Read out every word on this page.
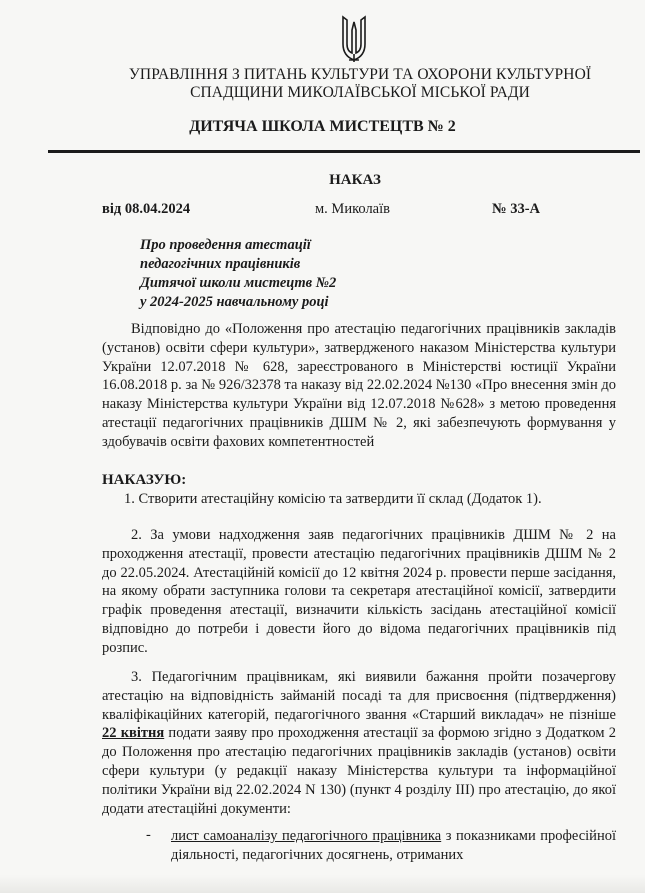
УПРАВЛІННЯ З ПИТАНЬ КУЛЬТУРИ ТА ОХОРОНИ КУЛЬТУРНОЇ
СПАДЩИНИ МИКОЛАЇВСЬКОЇ МІСЬКОЇ РАДИ
ДИТЯЧА ШКОЛА МИСТЕЦТВ № 2
НАКАЗ
від 08.04.2024	м. Миколаїв	№ 33-А
Про проведення атестації
педагогічних працівників
Дитячої школи мистецтв №2
у 2024-2025 навчальному році
Відповідно до «Положення про атестацію педагогічних працівників закладів (установ) освіти сфери культури», затвердженого наказом Міністерства культури України 12.07.2018 № 628, зареєстрованого в Міністерстві юстиції України 16.08.2018 р. за № 926/32378 та наказу від 22.02.2024 №130 «Про внесення змін до наказу Міністерства культури України від 12.07.2018 №628» з метою проведення атестації педагогічних працівників ДШМ № 2, які забезпечують формування у здобувачів освіти фахових компетентностей
НАКАЗУЮ:
1. Створити атестаційну комісію та затвердити її склад (Додаток 1).
2. За умови надходження заяв педагогічних працівників ДШМ № 2 на проходження атестації, провести атестацію педагогічних працівників ДШМ № 2 до 22.05.2024. Атестаційній комісії до 12 квітня 2024 р. провести перше засідання, на якому обрати заступника голови та секретаря атестаційної комісії, затвердити графік проведення атестації, визначити кількість засідань атестаційної комісії відповідно до потреби і довести його до відома педагогічних працівників під розпис.
3. Педагогічним працівникам, які виявили бажання пройти позачергову атестацію на відповідність займаній посаді та для присвоєння (підтвердження) кваліфікаційних категорій, педагогічного звання «Старший викладач» не пізніше 22 квітня подати заяву про проходження атестації за формою згідно з Додатком 2 до Положення про атестацію педагогічних працівників закладів (установ) освіти сфери культури (у редакції наказу Міністерства культури та інформаційної політики України від 22.02.2024 N 130) (пункт 4 розділу ІІІ) про атестацію, до якої додати атестаційні документи:
- лист самоаналізу педагогічного працівника з показниками професійної діяльності, педагогічних досягнень, отриманих
